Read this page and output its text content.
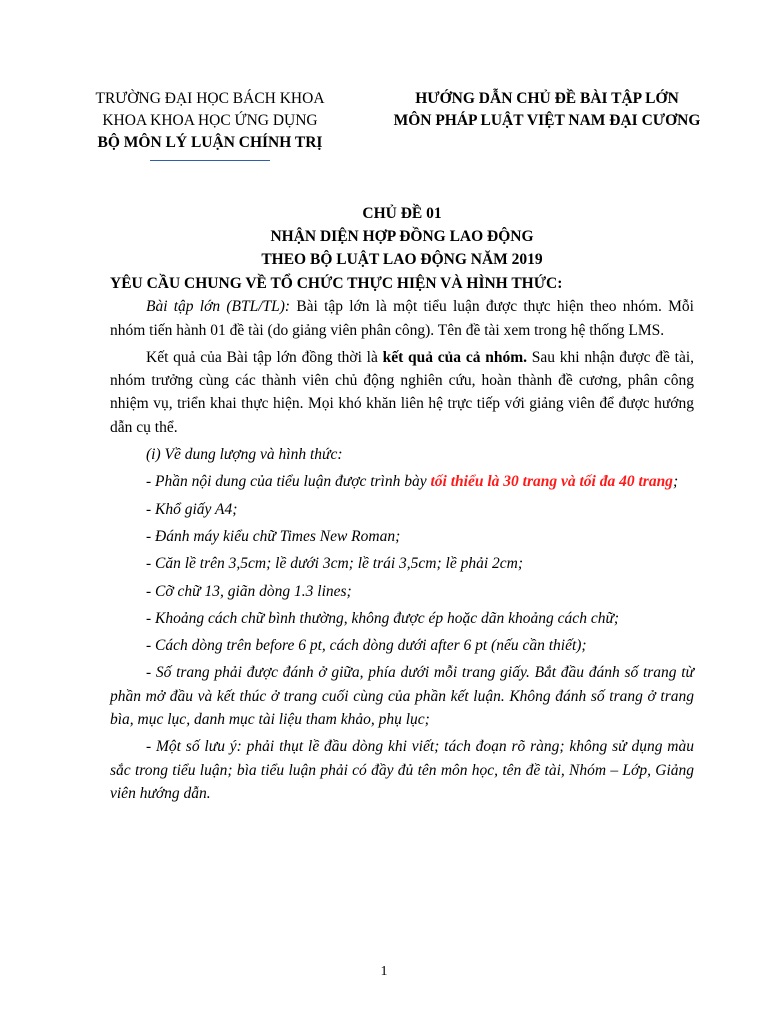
TRƯỜNG ĐẠI HỌC BÁCH KHOA
KHOA KHOA HỌC ỨNG DỤNG
BỘ MÔN LÝ LUẬN CHÍNH TRỊ
HƯỚNG DẪN CHỦ ĐỀ BÀI TẬP LỚN
MÔN PHÁP LUẬT VIỆT NAM ĐẠI CƯƠNG
CHỦ ĐỀ 01
NHẬN DIỆN HỢP ĐỒNG LAO ĐỘNG
THEO BỘ LUẬT LAO ĐỘNG NĂM 2019

YÊU CẦU CHUNG VỀ TỔ CHỨC THỰC HIỆN VÀ HÌNH THỨC:

Bài tập lớn (BTL/TL): Bài tập lớn là một tiểu luận được thực hiện theo nhóm. Mỗi nhóm tiến hành 01 đề tài (do giảng viên phân công). Tên đề tài xem trong hệ thống LMS.

Kết quả của Bài tập lớn đồng thời là kết quả của cả nhóm. Sau khi nhận được đề tài, nhóm trưởng cùng các thành viên chủ động nghiên cứu, hoàn thành đề cương, phân công nhiệm vụ, triển khai thực hiện. Mọi khó khăn liên hệ trực tiếp với giảng viên để được hướng dẫn cụ thể.

(i) Về dung lượng và hình thức:

- Phần nội dung của tiểu luận được trình bày tối thiểu là 30 trang và tối đa 40 trang;

- Khổ giấy A4;

- Đánh máy kiểu chữ Times New Roman;

- Căn lề trên 3,5cm; lề dưới 3cm; lề trái 3,5cm; lề phải 2cm;

- Cỡ chữ 13, giãn dòng 1.3 lines;

- Khoảng cách chữ bình thường, không được ép hoặc dãn khoảng cách chữ;

- Cách dòng trên before 6 pt, cách dòng dưới after 6 pt (nếu cần thiết);

- Số trang phải được đánh ở giữa, phía dưới mỗi trang giấy. Bắt đầu đánh số trang từ phần mở đầu và kết thúc ở trang cuối cùng của phần kết luận. Không đánh số trang ở trang bìa, mục lục, danh mục tài liệu tham khảo, phụ lục;

- Một số lưu ý: phải thụt lề đầu dòng khi viết; tách đoạn rõ ràng; không sử dụng màu sắc trong tiểu luận; bìa tiểu luận phải có đầy đủ tên môn học, tên đề tài, Nhóm – Lớp, Giảng viên hướng dẫn.

1
